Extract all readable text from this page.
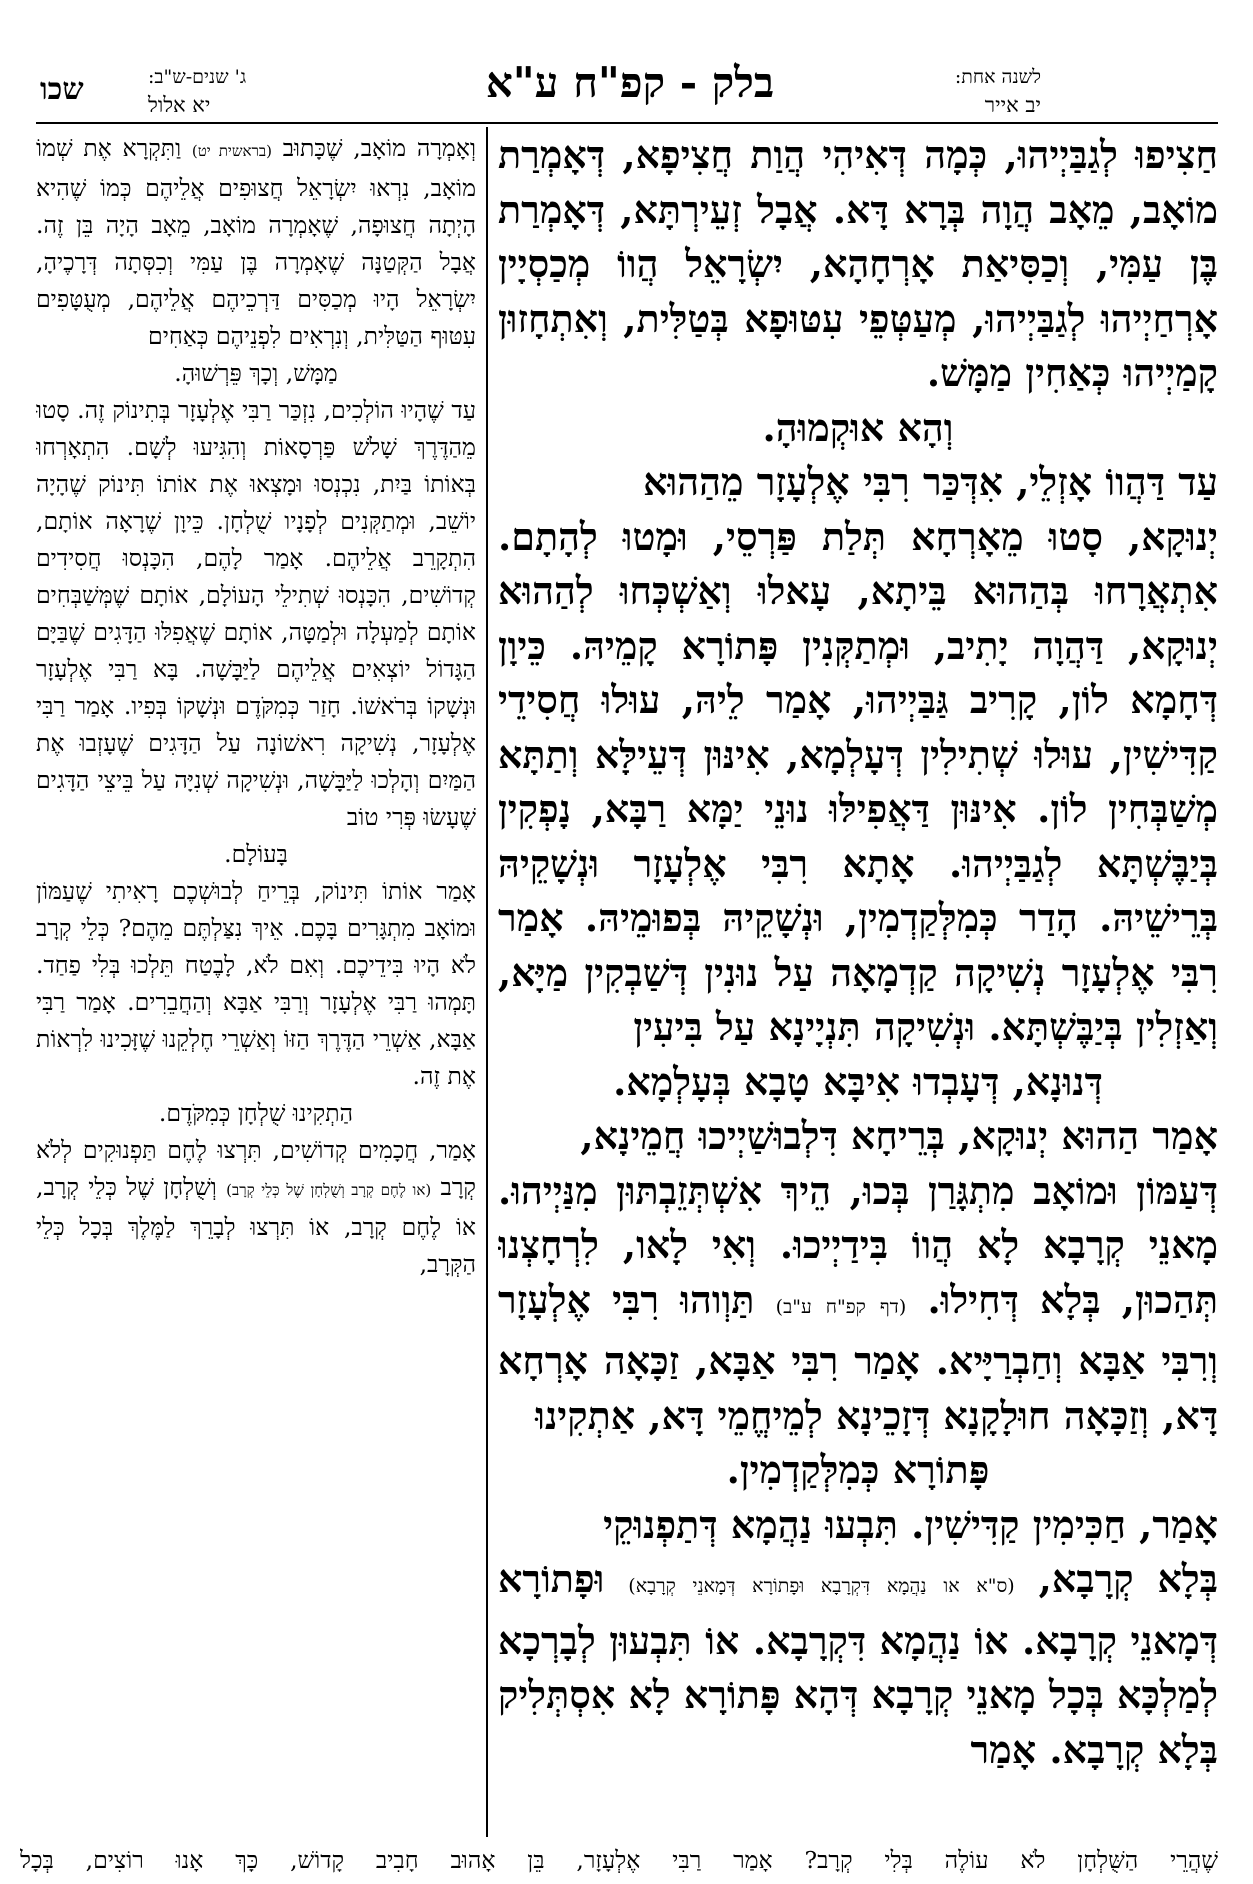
לשנה אחת:
יב אייר
בלק - קפ"ח ע"א
ג' שנים-ש"ב:
יא אלול
שכו

חַצִיפוּ לְגַבַּיְיהוּ, כְּמָה דְּאִיהִי הֲוַת חֲצִיפָא, דְּאָמְרַת מוֹאָב, מֵאָב הֲוָה בְּרָא דָּא. אֲבָל זְעֵירְתָּא, דְּאָמְרַת בֶּן עַמִּי, וְכַסִּיאַת אָרְחָהָא, יִשְׂרָאֵל הֲווֹ מְכַסְיָין אָרְחַיְיהוּ לְגַבַּיְיהוּ, מְעַטְּפֵי עִטּוּפָא בְּטַלִּית, וְאִתְחָזוּן קָמַיְיהוּ כְּאַחִין מַמָּשׁ.

וְהָא אוּקְמוּהָ.

עַד דַּהֲווֹ אָזְלֵי, אִדְּכַּר רִבִּי אֶלְעָזָר מֵהַהוּא

יְנוּקָא, סָטוּ מֵאָרְחָא תְּלַת פַּרְסֵי, וּמָטוּ לְהָתָם. אִתְאֲרָחוּ בְּהַהוּא בֵּיתָא, עָאלוּ וְאַשְׁכְּחוּ לְהַהוּא יְנוּקָא, דַּהֲוָה יָתִיב, וּמְתַקְּנִין פָּתוֹרָא קָמֵיהּ. כֵּיוָן דְּחָמָא לוֹן, קָרִיב גַּבַּיְיהוּ, אָמַר לֵיהּ, עוּלוּ חֲסִידֵי קַדִּישִׁין, עוּלוּ שְׁתִילִין דְּעָלְמָא, אִינּוּן דְּעֵילָּא וְתַתָּא מְשַׁבְּחִין לוֹן. אִינּוּן דַּאֲפִילּוּ נוּנֵי יַמָּא רַבָּא, נָפְקִין בְּיַבֶּשְׁתָּא לְגַבַּיְיהוּ. אָתָא רִבִּי אֶלְעָזָר וּנְשָׁקֵיהּ בְּרֵישֵׁיהּ. הָדַר כְּמִלְּקַדְמִין, וּנְשָׁקֵיהּ בְּפוּמֵיהּ. אָמַר רִבִּי אֶלְעָזָר נְשִׁיקָה קַדְמָאָה עַל נוּנִין דְּשַׁבְקִין מַיָּא, וְאַזְלִין בְּיַבֶּשְׁתָּא. וּנְשִׁיקָה תִּנְיָינָא עַל בִּיעִין

דְּנוּנָא, דְּעָבְדוּ אִיבָּא טָבָא בְּעָלְמָא.

אָמַר הַהוּא יְנוּקָא, בְּרֵיחָא דִּלְבוּשַׁיְיכוּ חֲמֵינָא,

דְּעַמּוֹן וּמוֹאָב מִתְגָּרַן בְּכוּ, הֵיךְ אִשְׁתְּזֵבְתּוּן מִנַּיְיהוּ. מָאנֵי קְרָבָא לָא הֲווֹ בִּידַיְיכוּ. וְאִי לָאו, לִרְחָצְנוּ תְּהַכוּן, בְּלָא דְּחִילוּ. (דף קפ"ח ע"ב) תַּוְוהוּ רִבִּי אֶלְעָזָר וְרִבִּי אַבָּא וְחַבְרַיָּיא. אָמַר רִבִּי אַבָּא, זַכָּאָה אָרְחָא דָּא, וְזַכָּאָה חוּלָקָנָא דְּזָכֵינָא לְמֵיחֱמֵי דָּא, אַתְקִינוּ

פָּתוֹרָא כְּמִלְּקַדְמִין.

אָמַר, חַכִּימִין קַדִּישִׁין. תִּבְעוּ נַהֲמָא דְּתַפְנוּקֵי

בְּלָא קְרָבָא, (ס"א או נַהֲמָא דִּקְרָבָא וּפָתוֹרָא דְּמָאנֵי קְרָבָא) וּפָתוֹרָא דְּמָאנֵי קְרָבָא. אוֹ נַהֲמָא דִּקְרָבָא. אוֹ תִּבְעוּן לְבָרְכָא לְמַלְכָּא בְּכָל מָאנֵי קְרָבָא דְּהָא פָּתוֹרָא לָא אִסְתְּלִיק בְּלָא קְרָבָא. אָמַר

וְאָמְרָה מוֹאָב, שֶׁכָּתוּב (בראשית יט) וַתִּקְרָא אֶת שְׁמוֹ מוֹאָב, נִרְאוּ יִשְׂרָאֵל חֲצוּפִים אֲלֵיהֶם כְּמוֹ שֶׁהִיא הָיְתָה חֲצוּפָה, שֶׁאָמְרָה מוֹאָב, מֵאָב הָיָה בֵּן זֶה. אֲבָל הַקְּטַנָּה שֶׁאָמְרָה בֶּן עַמִּי וְכִסְּתָה דְּרָכֶיהָ, יִשְׂרָאֵל הָיוּ מְכַסִּים דַּרְכֵיהֶם אֲלֵיהֶם, מְעֻטָּפִים עִטּוּף הַטַּלִּית, וְנִרְאִים לִפְנֵיהֶם כְּאַחִים

מַמָּשׁ, וְכָךְ פֵּרְשׁוּהָ.

עַד שֶׁהָיוּ הוֹלְכִים, נִזְכַּר רַבִּי אֶלְעָזָר בְּתִינוֹק זֶה. סָטוּ מֵהַדֶּרֶךְ שָׁלֹשׁ פַּרְסָאוֹת וְהִגִּיעוּ לְשָׁם. הִתְאָרְחוּ בְּאוֹתוֹ בַּיִת, נִכְנְסוּ וּמָצְאוּ אֶת אוֹתוֹ תִּינוֹק שֶׁהָיָה יוֹשֵׁב, וּמְתַקְּנִים לְפָנָיו שֻׁלְחָן. כֵּיוָן שֶׁרָאָה אוֹתָם, הִתְקָרֵב אֲלֵיהֶם. אָמַר לָהֶם, הִכָּנְסוּ חֲסִידִים קְדוֹשִׁים, הִכָּנְסוּ שְׁתִילֵי הָעוֹלָם, אוֹתָם שֶׁמְּשַׁבְּחִים אוֹתָם לְמַעְלָה וּלְמַטָּה, אוֹתָם שֶׁאֲפִלּוּ הַדָּגִים שֶׁבַּיָּם הַגָּדוֹל יוֹצְאִים אֲלֵיהֶם לַיַּבָּשָׁה. בָּא רַבִּי אֶלְעָזָר וּנְשָׁקוֹ בְּרֹאשׁוֹ. חָזַר כְּמִקֹּדֶם וּנְשָׁקוֹ בְּפִיו. אָמַר רַבִּי אֶלְעָזָר, נְשִׁיקָה רִאשׁוֹנָה עַל הַדָּגִים שֶׁעָזְבוּ אֶת הַמַּיִם וְהָלְכוּ לַיַּבָּשָׁה, וּנְשִׁיקָה שְׁנִיָּה עַל בֵּיצֵי הַדָּגִים שֶׁעָשׂוּ פְּרִי טוֹב

בָּעוֹלָם.

אָמַר אוֹתוֹ תִּינוֹק, בְּרֵיחַ לְבוּשְׁכֶם רָאִיתִי שֶׁעַמּוֹן וּמוֹאָב מִתְגָּרִים בָּכֶם. אֵיךְ נִצַּלְתֶּם מֵהֶם? כְּלֵי קְרָב לֹא הָיוּ בִּידֵיכֶם. וְאִם לֹא, לָבֶטַח תֵּלְכוּ בְּלִי פַחַד. תָּמְהוּ רַבִּי אֶלְעָזָר וְרַבִּי אַבָּא וְהַחֲבֵרִים. אָמַר רַבִּי אַבָּא, אַשְׁרֵי הַדֶּרֶךְ הַזּוֹ וְאַשְׁרֵי חֶלְקֵנוּ שֶׁזָּכִינוּ לִרְאוֹת אֶת זֶה.

הַתְקִינוּ שֻׁלְחָן כְּמִקֹּדֶם.

אָמַר, חֲכָמִים קְדוֹשִׁים, תִּרְצוּ לֶחֶם תַּפְנוּקִים לְלֹא קְרָב (או לֶחֶם קְרָב וְשֻׁלְחָן שֶׁל כְּלֵי קְרָב) וְשֻׁלְחָן שֶׁל כְּלֵי קְרָב, אוֹ לֶחֶם קְרָב, אוֹ תִּרְצוּ לְבָרֵךְ לַמֶּלֶךְ בְּכָל כְּלֵי הַקְּרָב,

שֶׁהֲרֵי הַשֻּׁלְחָן לֹא עוֹלֶה בְּלִי קְרָב? אָמַר רַבִּי אֶלְעָזָר, בֵּן אָהוּב חָבִיב קָדוֹשׁ, כָּךְ אָנוּ רוֹצִים, בְּכָל
